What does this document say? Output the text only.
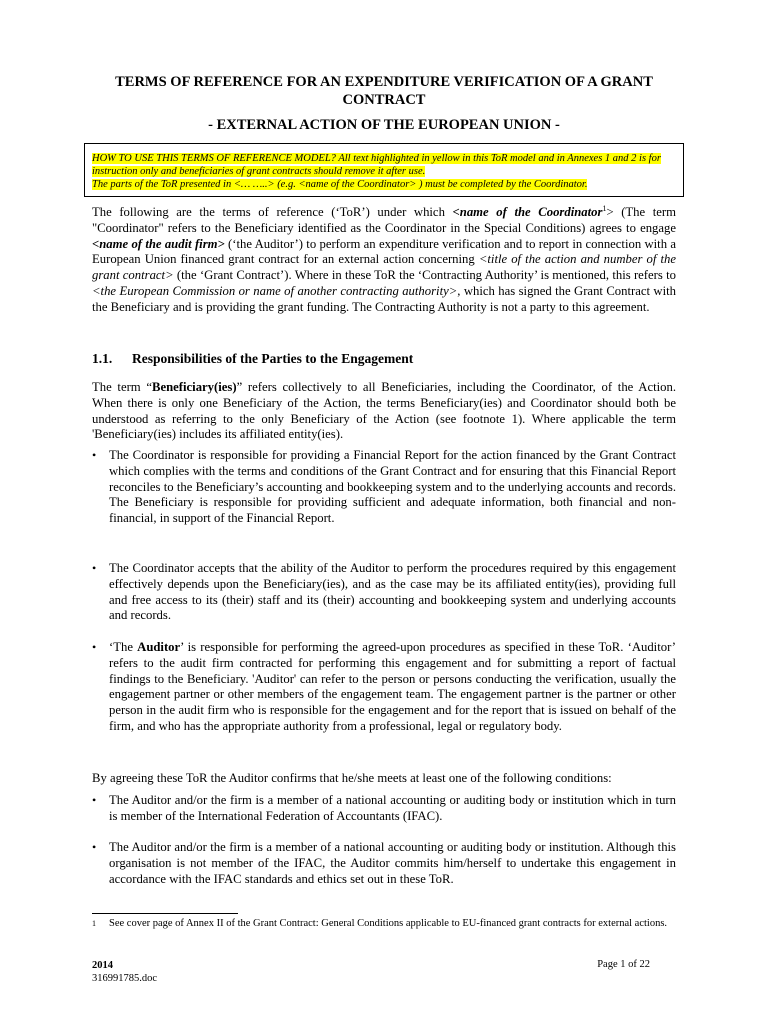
TERMS OF REFERENCE FOR AN EXPENDITURE VERIFICATION OF A GRANT CONTRACT
- EXTERNAL ACTION OF THE EUROPEAN UNION -
HOW TO USE THIS TERMS OF REFERENCE MODEL? All text highlighted in yellow in this ToR model and in Annexes 1 and 2 is for instruction only and beneficiaries of grant contracts should remove it after use.
The parts of the ToR presented in <… …..> (e.g. <name of the Coordinator> ) must be completed by the Coordinator.
The following are the terms of reference (‘ToR’) under which <name of the Coordinator$^1$> (The term "Coordinator" refers to the Beneficiary identified as the Coordinator in the Special Conditions) agrees to engage <name of the audit firm> (‘the Auditor’) to perform an expenditure verification and to report in connection with a European Union financed grant contract for an external action concerning <title of the action and number of the grant contract> (the ‘Grant Contract’). Where in these ToR the ‘Contracting Authority’ is mentioned, this refers to <the European Commission or name of another contracting authority>, which has signed the Grant Contract with the Beneficiary and is providing the grant funding. The Contracting Authority is not a party to this agreement.
1.1. Responsibilities of the Parties to the Engagement
The term “Beneficiary(ies)” refers collectively to all Beneficiaries, including the Coordinator, of the Action. When there is only one Beneficiary of the Action, the terms Beneficiary(ies) and Coordinator should both be understood as referring to the only Beneficiary of the Action (see footnote 1). Where applicable the term 'Beneficiary(ies) includes its affiliated entity(ies).
• The Coordinator is responsible for providing a Financial Report for the action financed by the Grant Contract which complies with the terms and conditions of the Grant Contract and for ensuring that this Financial Report reconciles to the Beneficiary’s accounting and bookkeeping system and to the underlying accounts and records. The Beneficiary is responsible for providing sufficient and adequate information, both financial and non-financial, in support of the Financial Report.
• The Coordinator accepts that the ability of the Auditor to perform the procedures required by this engagement effectively depends upon the Beneficiary(ies), and as the case may be its affiliated entity(ies), providing full and free access to its (their) staff and its (their) accounting and bookkeeping system and underlying accounts and records.
• ‘The Auditor’ is responsible for performing the agreed-upon procedures as specified in these ToR. ‘Auditor’ refers to the audit firm contracted for performing this engagement and for submitting a report of factual findings to the Beneficiary. 'Auditor' can refer to the person or persons conducting the verification, usually the engagement partner or other members of the engagement team. The engagement partner is the partner or other person in the audit firm who is responsible for the engagement and for the report that is issued on behalf of the firm, and who has the appropriate authority from a professional, legal or regulatory body.
By agreeing these ToR the Auditor confirms that he/she meets at least one of the following conditions:
• The Auditor and/or the firm is a member of a national accounting or auditing body or institution which in turn is member of the International Federation of Accountants (IFAC).
• The Auditor and/or the firm is a member of a national accounting or auditing body or institution. Although this organisation is not member of the IFAC, the Auditor commits him/herself to undertake this engagement in accordance with the IFAC standards and ethics set out in these ToR.
1	See cover page of Annex II of the Grant Contract: General Conditions applicable to EU-financed grant contracts for external actions.
2014
316991785.doc
Page 1 of 22
